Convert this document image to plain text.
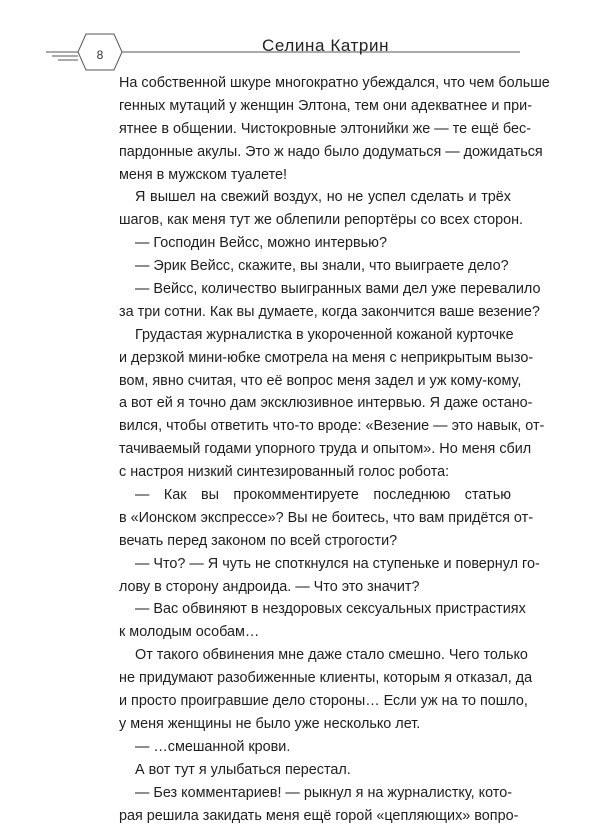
8	Селина Катрин
На собственной шкуре многократно убеждался, что чем больше
генных мутаций у женщин Элтона, тем они адекватнее и при-
ятнее в общении. Чистокровные элтонийки же — те ещё бес-
пардонные акулы. Это ж надо было додуматься — дожидаться
меня в мужском туалете!
Я вышел на свежий воздух, но не успел сделать и трёх
шагов, как меня тут же облепили репортёры со всех сторон.
— Господин Вейсс, можно интервью?
— Эрик Вейсс, скажите, вы знали, что выиграете дело?
— Вейсс, количество выигранных вами дел уже перевалило
за три сотни. Как вы думаете, когда закончится ваше везение?
Грудастая журналистка в укороченной кожаной курточке
и дерзкой мини-юбке смотрела на меня с неприкрытым вызо-
вом, явно считая, что её вопрос меня задел и уж кому-кому,
а вот ей я точно дам эксклюзивное интервью. Я даже остано-
вился, чтобы ответить что-то вроде: «Везение — это навык, от-
тачиваемый годами упорного труда и опытом». Но меня сбил
с настроя низкий синтезированный голос робота:
— Как вы прокомментируете последнюю статью
в «Ионском экспрессе»? Вы не боитесь, что вам придётся от-
вечать перед законом по всей строгости?
— Что? — Я чуть не споткнулся на ступеньке и повернул го-
лову в сторону андроида. — Что это значит?
— Вас обвиняют в нездоровых сексуальных пристрастиях
к молодым особам…
От такого обвинения мне даже стало смешно. Чего только
не придумают разобиженные клиенты, которым я отказал, да
и просто проигравшие дело стороны… Если уж на то пошло,
у меня женщины не было уже несколько лет.
— …смешанной крови.
А вот тут я улыбаться перестал.
— Без комментариев! — рыкнул я на журналистку, кото-
рая решила закидать меня ещё горой «цепляющих» вопро-
